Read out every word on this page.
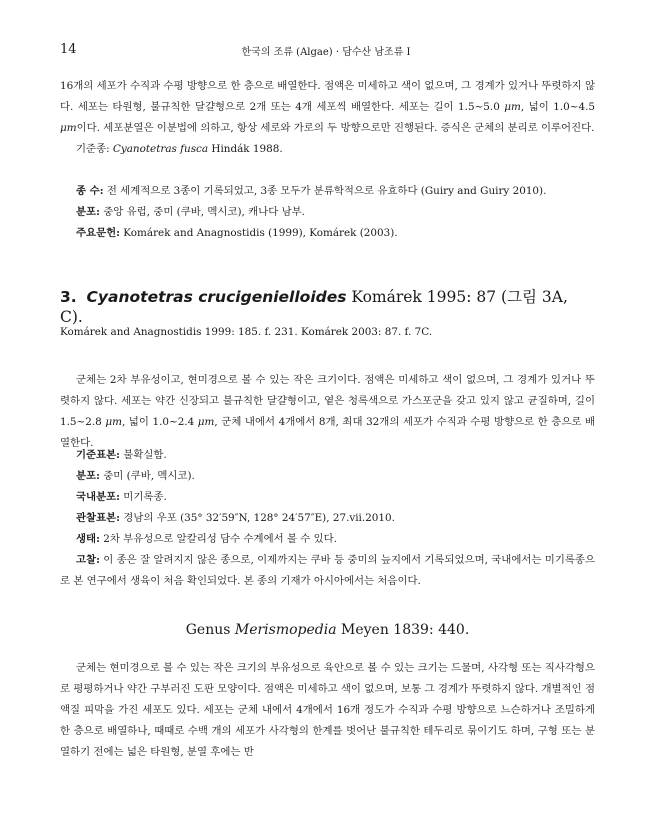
14	한국의 조류 (Algae) · 담수산 남조류 I

16개의 세포가 수직과 수평 방향으로 한 층으로 배열한다. 점액은 미세하고 색이 없으며, 그 경계가 있거나 뚜렷하지 않다. 세포는 타원형, 불규칙한 달걀형으로 2개 또는 4개 세포씩 배열한다. 세포는 길이 1.5~5.0 μm, 넓이 1.0~4.5 μm이다. 세포분열은 이분법에 의하고, 항상 세로와 가로의 두 방향으로만 진행된다. 증식은 군체의 분리로 이루어진다.

기준종: Cyanotetras fusca Hindák 1988.

종 수: 전 세계적으로 3종이 기록되었고, 3종 모두가 분류학적으로 유효하다 (Guiry and Guiry 2010).

분포: 중앙 유럽, 중미 (쿠바, 멕시코), 캐나다 남부.

주요문헌: Komárek and Anagnostidis (1999), Komárek (2003).

3. Cyanotetras crucigenielloides Komárek 1995: 87 (그림 3A, C).

Komárek and Anagnostidis 1999: 185. f. 231. Komárek 2003: 87. f. 7C.

군체는 2차 부유성이고, 현미경으로 볼 수 있는 작은 크기이다. 점액은 미세하고 색이 없으며, 그 경계가 있거나 뚜렷하지 않다. 세포는 약간 신장되고 불규칙한 달걀형이고, 옅은 청록색으로 가스포군을 갖고 있지 않고 균질하며, 길이 1.5~2.8 μm, 넓이 1.0~2.4 μm, 군체 내에서 4개에서 8개, 최대 32개의 세포가 수직과 수평 방향으로 한 층으로 배열한다.

기준표본: 불확실함.

분포: 중미 (쿠바, 멕시코).

국내분포: 미기록종.

관찰표본: 경남의 우포 (35° 32′59″N, 128° 24′57″E), 27.vii.2010.

생태: 2차 부유성으로 알칼리성 담수 수계에서 볼 수 있다.

고찰: 이 종은 잘 알려지지 않은 종으로, 이제까지는 쿠바 등 중미의 늪지에서 기록되었으며, 국내에서는 미기록종으로 본 연구에서 생육이 처음 확인되었다. 본 종의 기재가 아시아에서는 처음이다.

Genus Merismopedia Meyen 1839: 440.

군체는 현미경으로 볼 수 있는 작은 크기의 부유성으로 육안으로 볼 수 있는 크기는 드물며, 사각형 또는 직사각형으로 평평하거나 약간 구부러진 도판 모양이다. 점액은 미세하고 색이 없으며, 보통 그 경계가 뚜렷하지 않다. 개별적인 점액질 피막을 가진 세포도 있다. 세포는 군체 내에서 4개에서 16개 정도가 수직과 수평 방향으로 느슨하거나 조밀하게 한 층으로 배열하나, 때때로 수백 개의 세포가 사각형의 한계를 벗어난 불규칙한 테두리로 묶이기도 하며, 구형 또는 분열하기 전에는 넓은 타원형, 분열 후에는 반
